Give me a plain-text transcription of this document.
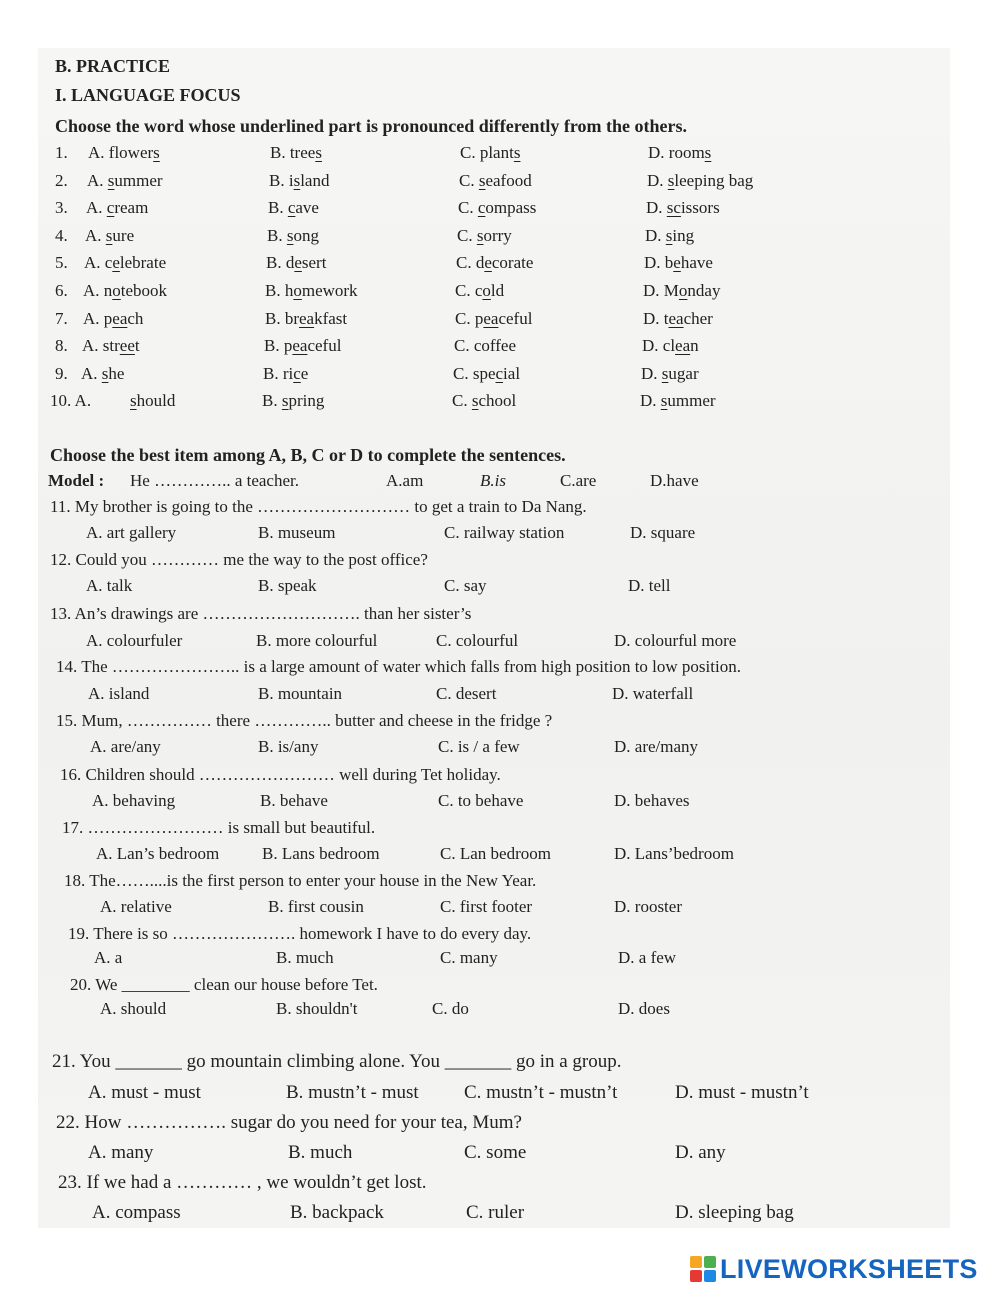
B. PRACTICE
I. LANGUAGE FOCUS
Choose the word whose underlined part is pronounced differently from the others.
1. A. flowers	B. trees	C. plants	D. rooms
2. A. summer	B. island	C. seafood	D. sleeping bag
3. A. cream	B. cave	C. compass	D. scissors
4. A. sure	B. song	C. sorry	D. sing
5. A. celebrate	B. desert	C. decorate	D. behave
6. A. notebook	B. homework	C. cold	D. Monday
7. A. peach	B. breakfast	C. peaceful	D. teacher
8. A. street	B. peaceful	C. coffee	D. clean
9. A. she	B. rice	C. special	D. sugar
10. A. should	B. spring	C. school	D. summer
Choose the best item among A, B, C or D to complete the sentences.
Model : He ………….. a teacher.	A.am	B.is	C.are	D.have
11. My brother is going to the ……………………… to get a train to Da Nang.
A. art gallery	B. museum	C. railway station	D. square
12. Could you ………… me the way to the post office?
A. talk	B. speak	C. say	D. tell
13. An’s drawings are ………………………. than her sister’s
A. colourfuler	B. more colourful	C. colourful	D. colourful more
14. The ………………….. is a large amount of water which falls from high position to low position.
A. island	B. mountain	C. desert	D. waterfall
15. Mum, …………… there ………….. butter and cheese in the fridge ?
A. are/any	B. is/any	C. is / a few	D. are/many
16. Children should …………………… well during Tet holiday.
A. behaving	B. behave	C. to behave	D. behaves
17. …………………… is small but beautiful.
A. Lan’s bedroom	B. Lans bedroom	C. Lan bedroom	D. Lans’bedroom
18. The……....is the first person to enter your house in the New Year.
A. relative	B. first cousin	C. first footer	D. rooster
19. There is so …………………. homework I have to do every day.
A. a	B. much	C. many	D. a few
20. We ________ clean our house before Tet.
A. should	B. shouldn't	C. do	D. does
21. You _______ go mountain climbing alone. You _______ go in a group.
A. must - must	B. mustn’t - must C. mustn’t - mustn’t	D. must - mustn’t
22. How ……………. sugar do you need for your tea, Mum?
A. many	B. much	C. some	D. any
23. If we had a ………… , we wouldn’t get lost.
A. compass	B. backpack	C. ruler	D. sleeping bag
LIVEWORKSHEETS
